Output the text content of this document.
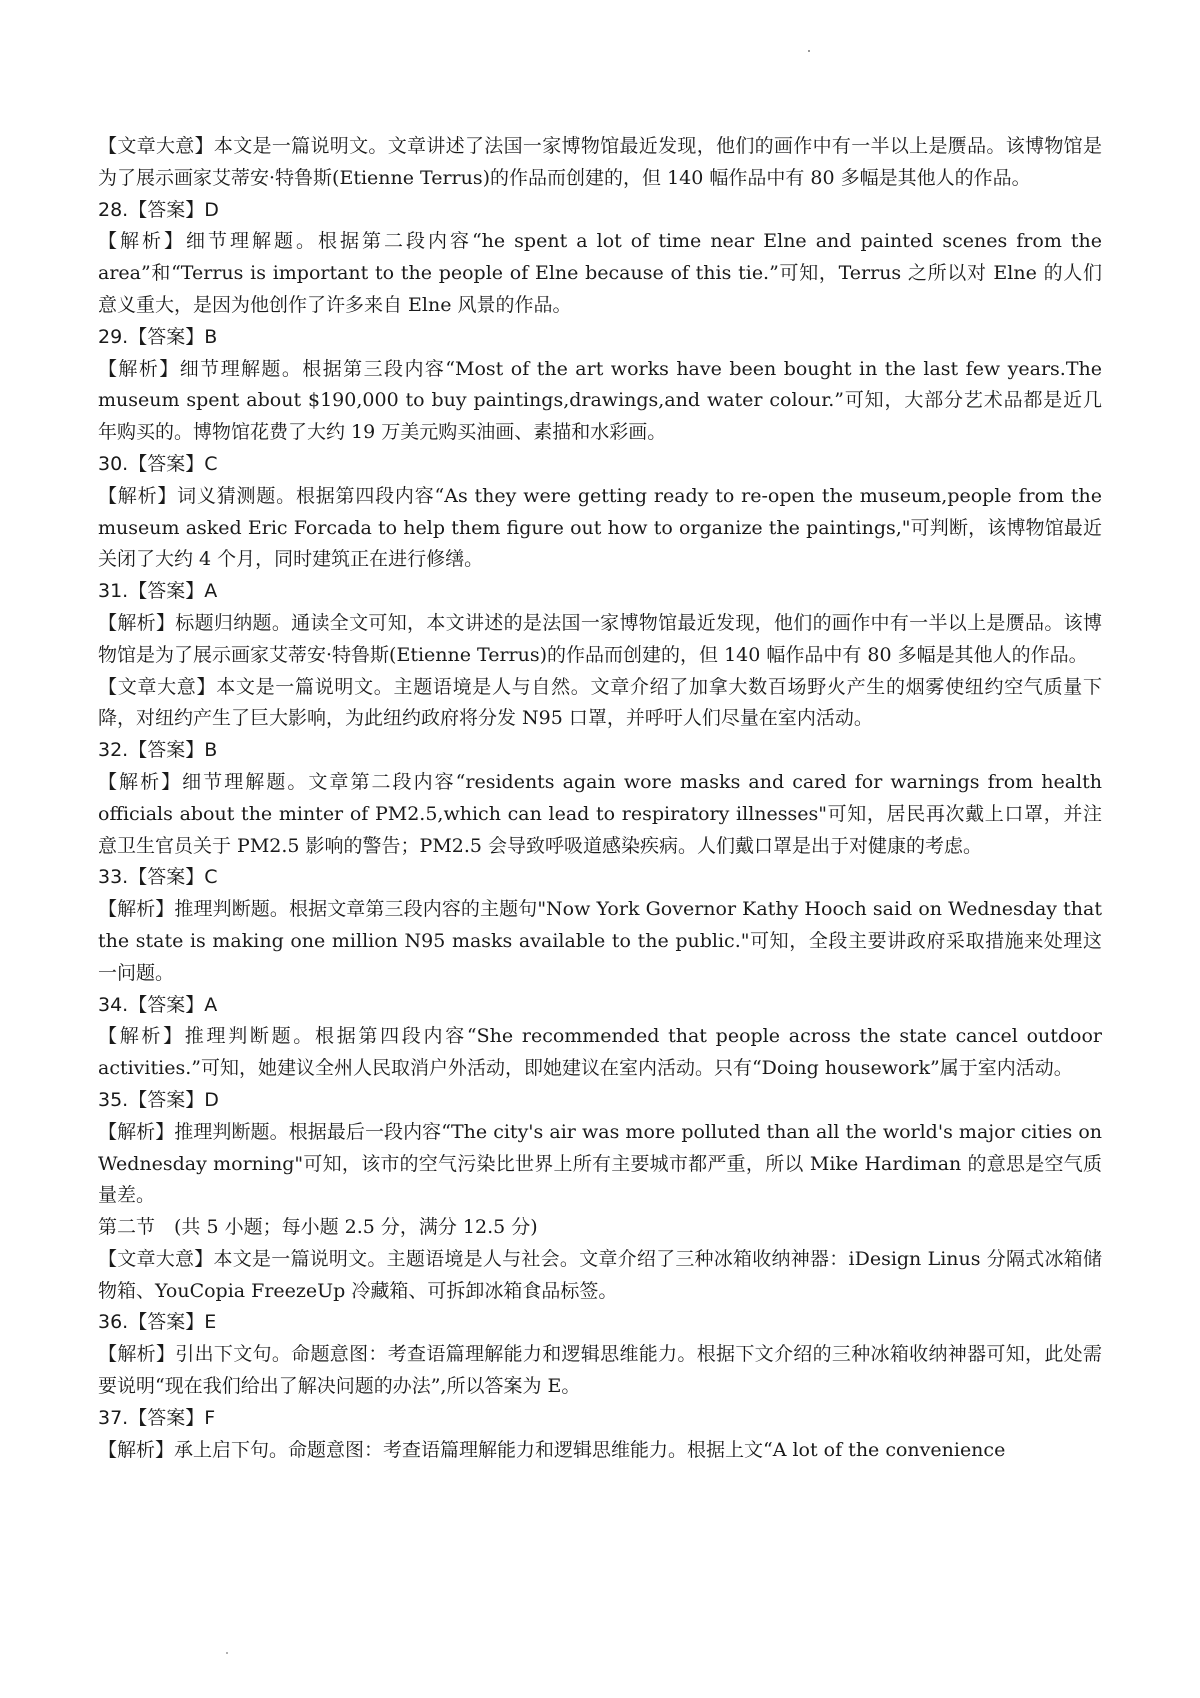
【文章大意】本文是一篇说明文。文章讲述了法国一家博物馆最近发现，他们的画作中有一半以上是赝品。该博物馆是为了展示画家艾蒂安·特鲁斯(Etienne Terrus)的作品而创建的，但 140 幅作品中有 80 多幅是其他人的作品。

28.【答案】D

【解析】细节理解题。根据第二段内容“he spent a lot of time near Elne and painted scenes from the area”和“Terrus is important to the people of Elne because of this tie.”可知，Terrus 之所以对 Elne 的人们意义重大，是因为他创作了许多来自 Elne 风景的作品。

29.【答案】B

【解析】细节理解题。根据第三段内容“Most of the art works have been bought in the last few years.The museum spent about $190,000 to buy paintings,drawings,and water colour.”可知，大部分艺术品都是近几年购买的。博物馆花费了大约 19 万美元购买油画、素描和水彩画。

30.【答案】C

【解析】词义猜测题。根据第四段内容“As they were getting ready to re-open the museum,people from the museum asked Eric Forcada to help them figure out how to organize the paintings,"可判断，该博物馆最近关闭了大约 4 个月，同时建筑正在进行修缮。

31.【答案】A

【解析】标题归纳题。通读全文可知，本文讲述的是法国一家博物馆最近发现，他们的画作中有一半以上是赝品。该博物馆是为了展示画家艾蒂安·特鲁斯(Etienne Terrus)的作品而创建的，但 140 幅作品中有 80 多幅是其他人的作品。

【文章大意】本文是一篇说明文。主题语境是人与自然。文章介绍了加拿大数百场野火产生的烟雾使纽约空气质量下降，对纽约产生了巨大影响，为此纽约政府将分发 N95 口罩，并呼吁人们尽量在室内活动。

32.【答案】B

【解析】细节理解题。文章第二段内容“residents again wore masks and cared for warnings from health officials about the minter of PM2.5,which can lead to respiratory illnesses"可知，居民再次戴上口罩，并注意卫生官员关于 PM2.5 影响的警告；PM2.5 会导致呼吸道感染疾病。人们戴口罩是出于对健康的考虑。

33.【答案】C

【解析】推理判断题。根据文章第三段内容的主题句"Now York Governor Kathy Hooch said on Wednesday that the state is making one million N95 masks available to the public."可知，全段主要讲政府采取措施来处理这一问题。

34.【答案】A

【解析】推理判断题。根据第四段内容“She recommended that people across the state cancel outdoor activities.”可知，她建议全州人民取消户外活动，即她建议在室内活动。只有“Doing housework”属于室内活动。

35.【答案】D

【解析】推理判断题。根据最后一段内容“The city's air was more polluted than all the world's major cities on Wednesday morning"可知，该市的空气污染比世界上所有主要城市都严重，所以 Mike Hardiman 的意思是空气质量差。

第二节　(共 5 小题；每小题 2.5 分，满分 12.5 分)

【文章大意】本文是一篇说明文。主题语境是人与社会。文章介绍了三种冰箱收纳神器：iDesign Linus 分隔式冰箱储物箱、YouCopia FreezeUp 冷藏箱、可拆卸冰箱食品标签。

36.【答案】E

【解析】引出下文句。命题意图：考查语篇理解能力和逻辑思维能力。根据下文介绍的三种冰箱收纳神器可知，此处需要说明“现在我们给出了解决问题的办法”,所以答案为 E。

37.【答案】F

【解析】承上启下句。命题意图：考查语篇理解能力和逻辑思维能力。根据上文“A lot of the convenience
